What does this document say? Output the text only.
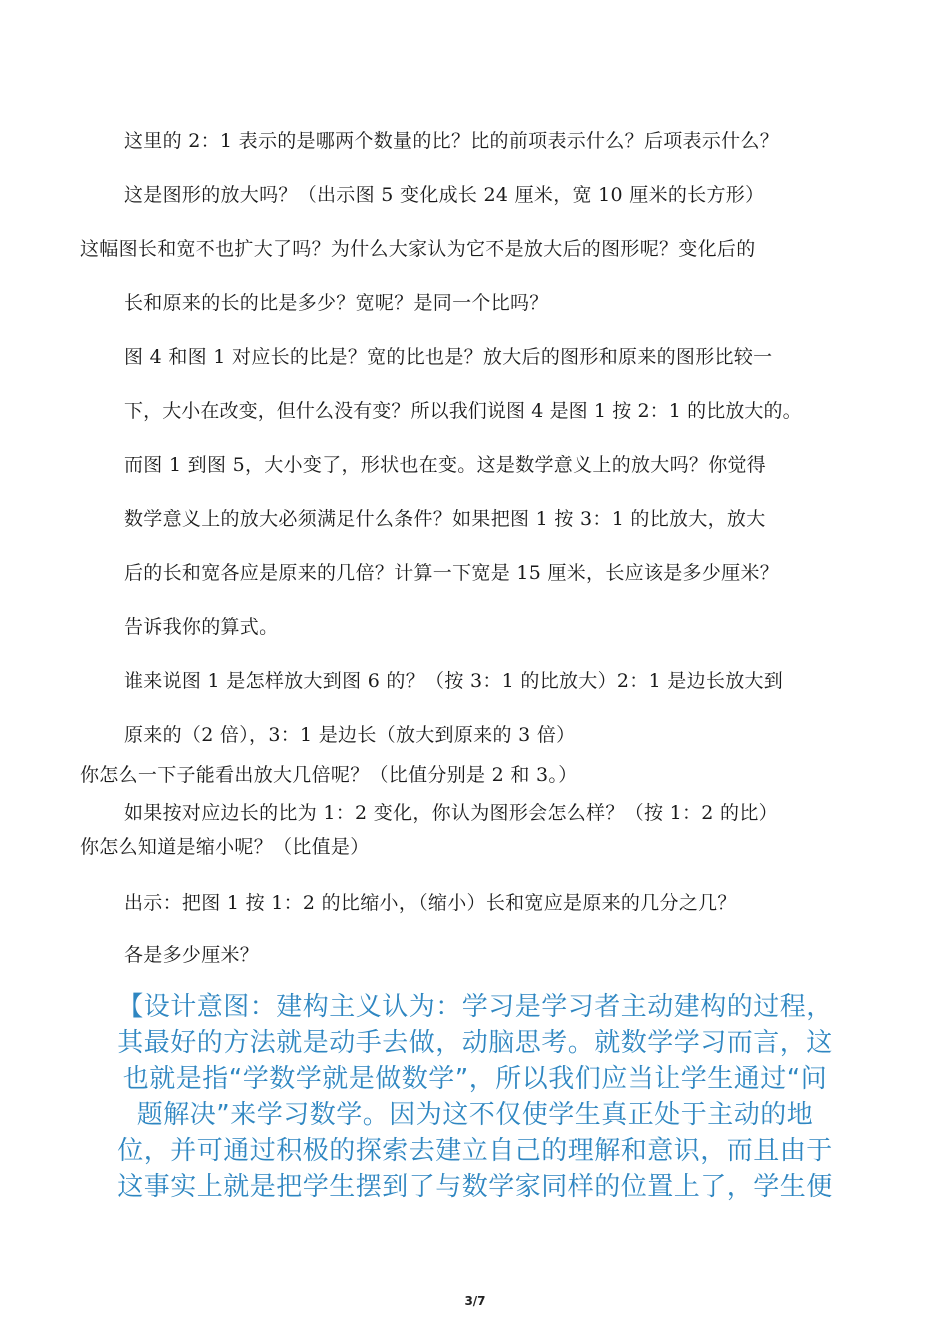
这里的 2：1 表示的是哪两个数量的比？比的前项表示什么？后项表示什么？
这是图形的放大吗？（出示图 5 变化成长 24 厘米，宽 10 厘米的长方形）
这幅图长和宽不也扩大了吗？为什么大家认为它不是放大后的图形呢？变化后的
长和原来的长的比是多少？宽呢？是同一个比吗？
图 4 和图 1 对应长的比是？宽的比也是？放大后的图形和原来的图形比较一
下，大小在改变，但什么没有变？所以我们说图 4 是图 1 按 2：1 的比放大的。
而图 1 到图 5，大小变了，形状也在变。这是数学意义上的放大吗？你觉得
数学意义上的放大必须满足什么条件？如果把图 1 按 3：1 的比放大，放大
后的长和宽各应是原来的几倍？计算一下宽是 15 厘米，长应该是多少厘米？
告诉我你的算式。
谁来说图 1 是怎样放大到图 6 的？（按 3：1 的比放大）2：1 是边长放大到
原来的（2 倍），3：1 是边长（放大到原来的 3 倍）
你怎么一下子能看出放大几倍呢？（比值分别是 2 和 3。）
如果按对应边长的比为 1：2 变化，你认为图形会怎么样？（按 1：2 的比）
你怎么知道是缩小呢？（比值是）
出示：把图 1 按 1：2 的比缩小，（缩小）长和宽应是原来的几分之几？
各是多少厘米？
【设计意图：建构主义认为：学习是学习者主动建构的过程，
其最好的方法就是动手去做，动脑思考。就数学学习而言，这
也就是指“学数学就是做数学”，所以我们应当让学生通过“问
题解决”来学习数学。因为这不仅使学生真正处于主动的地
位，并可通过积极的探索去建立自己的理解和意识，而且由于
这事实上就是把学生摆到了与数学家同样的位置上了，学生便
3/7
